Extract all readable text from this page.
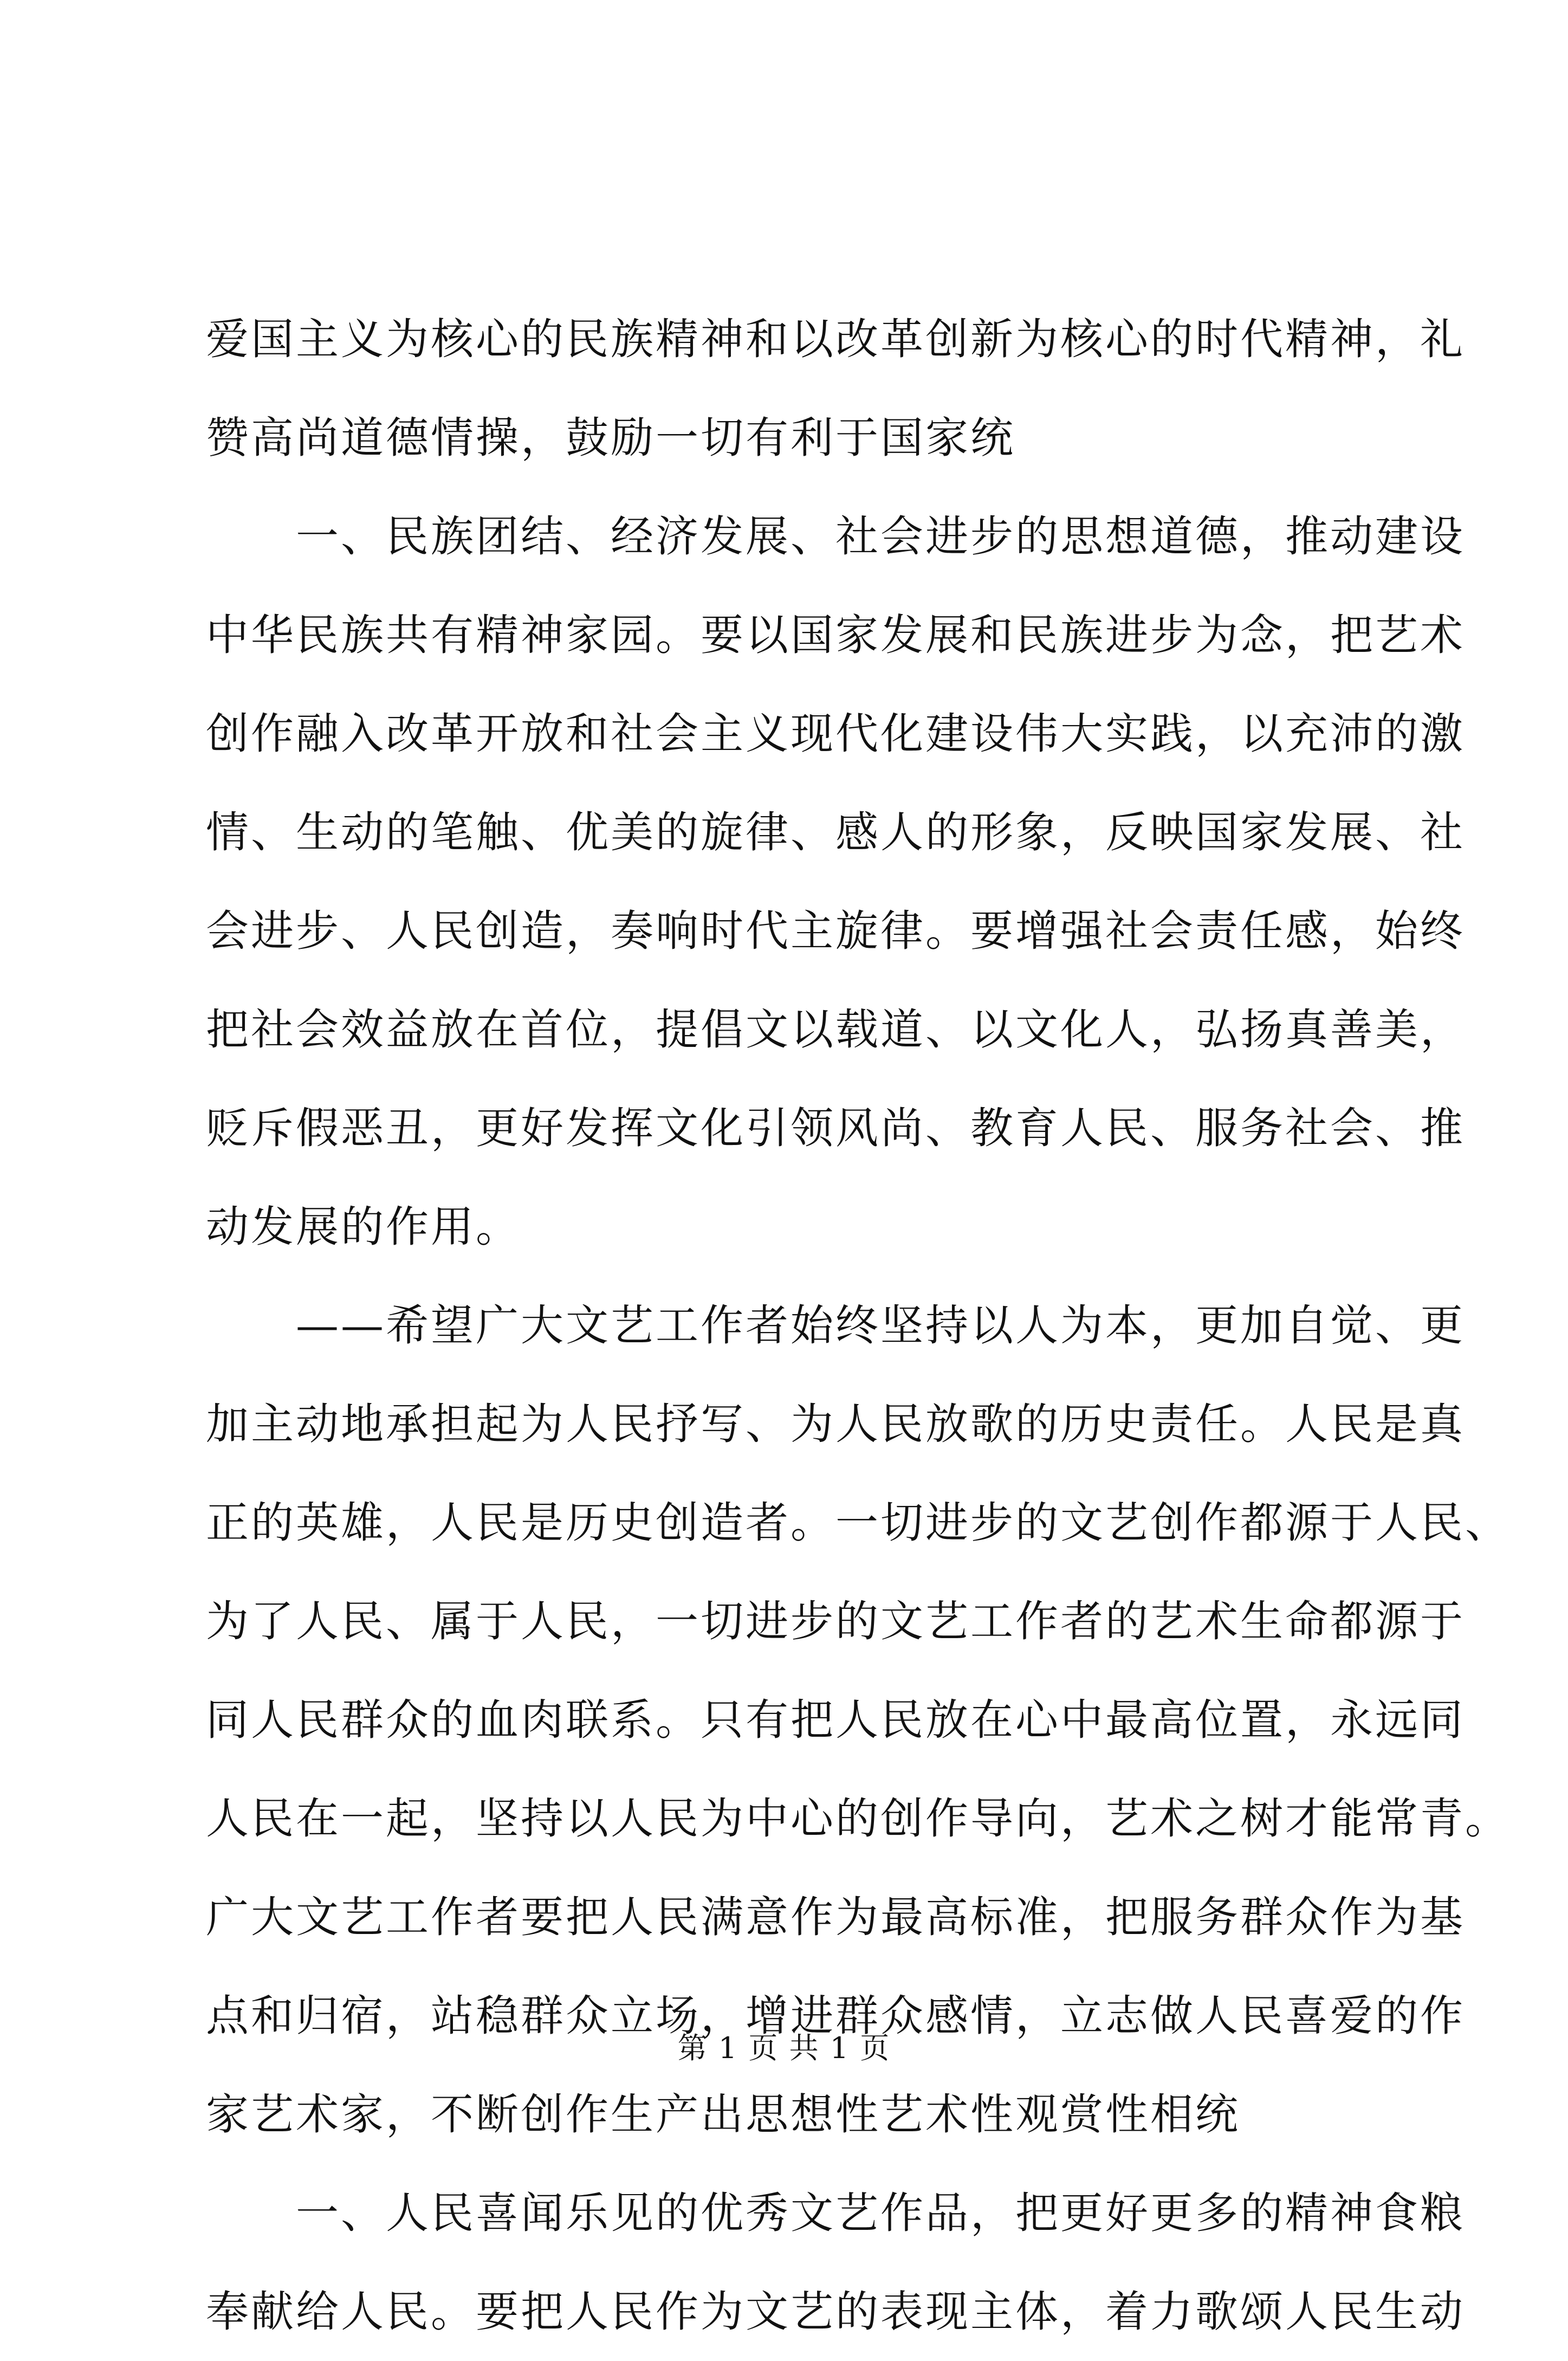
爱国主义为核心的民族精神和以改革创新为核心的时代精神，礼
赞高尚道德情操，鼓励一切有利于国家统
　　一、民族团结、经济发展、社会进步的思想道德，推动建设
中华民族共有精神家园。要以国家发展和民族进步为念，把艺术
创作融入改革开放和社会主义现代化建设伟大实践，以充沛的激
情、生动的笔触、优美的旋律、感人的形象，反映国家发展、社
会进步、人民创造，奏响时代主旋律。要增强社会责任感，始终
把社会效益放在首位，提倡文以载道、以文化人，弘扬真善美，
贬斥假恶丑，更好发挥文化引领风尚、教育人民、服务社会、推
动发展的作用。
　　——希望广大文艺工作者始终坚持以人为本，更加自觉、更
加主动地承担起为人民抒写、为人民放歌的历史责任。人民是真
正的英雄，人民是历史创造者。一切进步的文艺创作都源于人民、
为了人民、属于人民，一切进步的文艺工作者的艺术生命都源于
同人民群众的血肉联系。只有把人民放在心中最高位置，永远同
人民在一起，坚持以人民为中心的创作导向，艺术之树才能常青。
广大文艺工作者要把人民满意作为最高标准，把服务群众作为基
点和归宿，站稳群众立场，增进群众感情，立志做人民喜爱的作
家艺术家，不断创作生产出思想性艺术性观赏性相统
　　一、人民喜闻乐见的优秀文艺作品，把更好更多的精神食粮
奉献给人民。要把人民作为文艺的表现主体，着力歌颂人民生动
第 1 页 共 1 页
